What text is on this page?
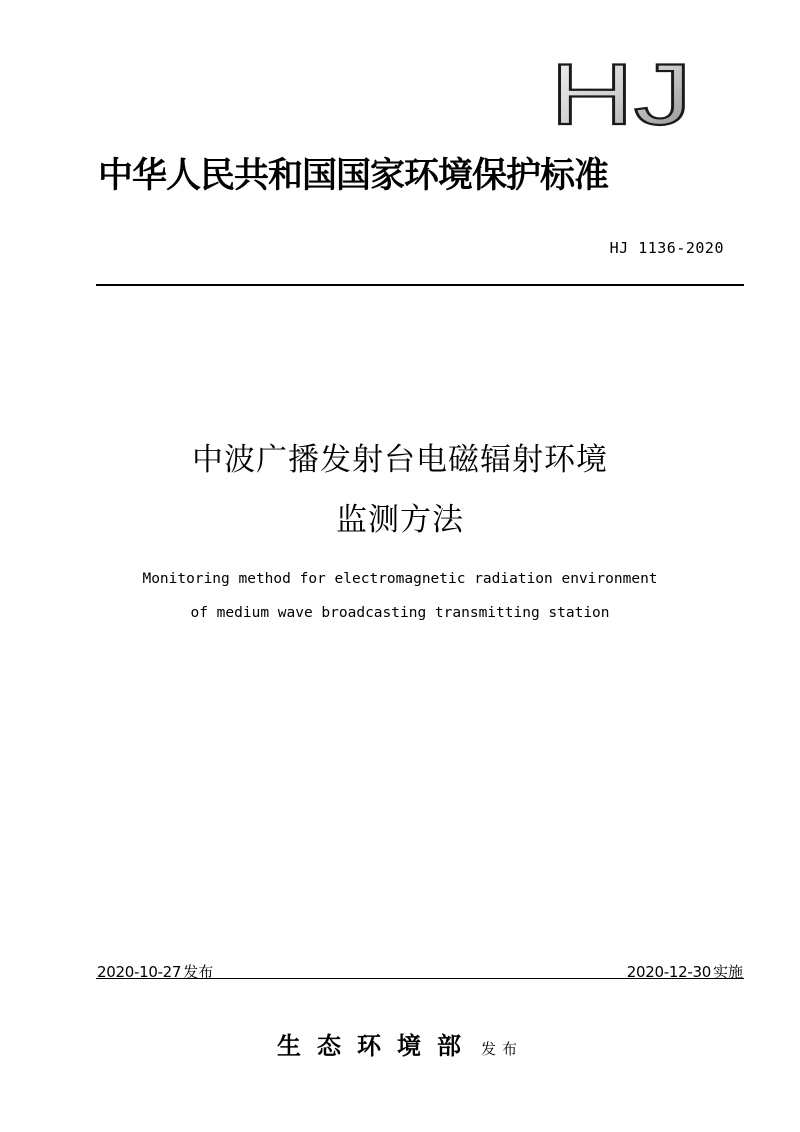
HJ
中华人民共和国国家环境保护标准
HJ 1136-2020
中波广播发射台电磁辐射环境
监测方法
Monitoring method for electromagnetic radiation environment
of medium wave broadcasting transmitting station
2020-10-27 发布	2020-12-30 实施
生态环境部 发布
